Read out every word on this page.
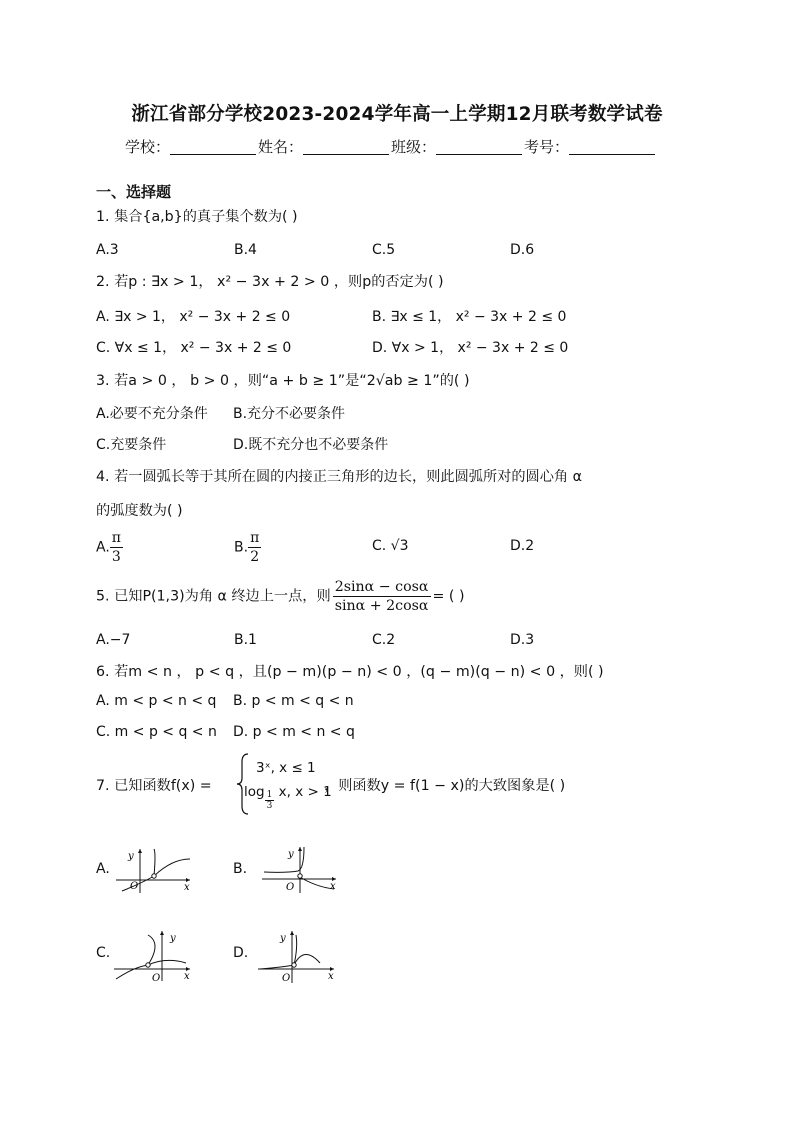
浙江省部分学校2023-2024学年高一上学期12月联考数学试卷
学校：	姓名：	班级：	考号：
一、选择题
1. 集合{a,b}的真子集个数为( )
A.3	B.4	C.5	D.6
2. 若p : ∃x > 1， x² − 3x + 2 > 0 ，则p的否定为( )
A. ∃x > 1， x² − 3x + 2 ≤ 0	B. ∃x ≤ 1， x² − 3x + 2 ≤ 0
C. ∀x ≤ 1， x² − 3x + 2 ≤ 0	D. ∀x > 1， x² − 3x + 2 ≤ 0
3. 若a > 0 ， b > 0 ，则“a + b ≥ 1”是“2√ab ≥ 1”的( )
A.必要不充分条件 B.充分不必要条件
C.充要条件	D.既不充分也不必要条件
4. 若一圆弧长等于其所在圆的内接正三角形的边长，则此圆弧所对的圆心角 α
的弧度数为( )
A. $\frac{\pi}{3}$	B. $\frac{\pi}{2}$	C. √3	D.2
5. 已知P(1,3)为角 α 终边上一点，则 $\frac{2\sin\alpha - \cos\alpha}{\sin\alpha + 2\cos\alpha}$ = ( )
A.−7	B.1	C.2	D.3
6. 若m < n ， p < q ，且(p − m)(p − n) < 0 ，(q − m)(q − n) < 0 ，则( )
A. m < p < n < q B. p < m < q < n
C. m < p < q < n D. p < m < n < q
7. 已知函数f(x) =
3ˣ, x ≤ 1
$\log \frac{1}{3} x$, x > 1
，则函数y = f(1 − x)的大致图象是( )
A.	B.
C.	D.
y
O	x
y
O	x
y
O x
y
O	x
